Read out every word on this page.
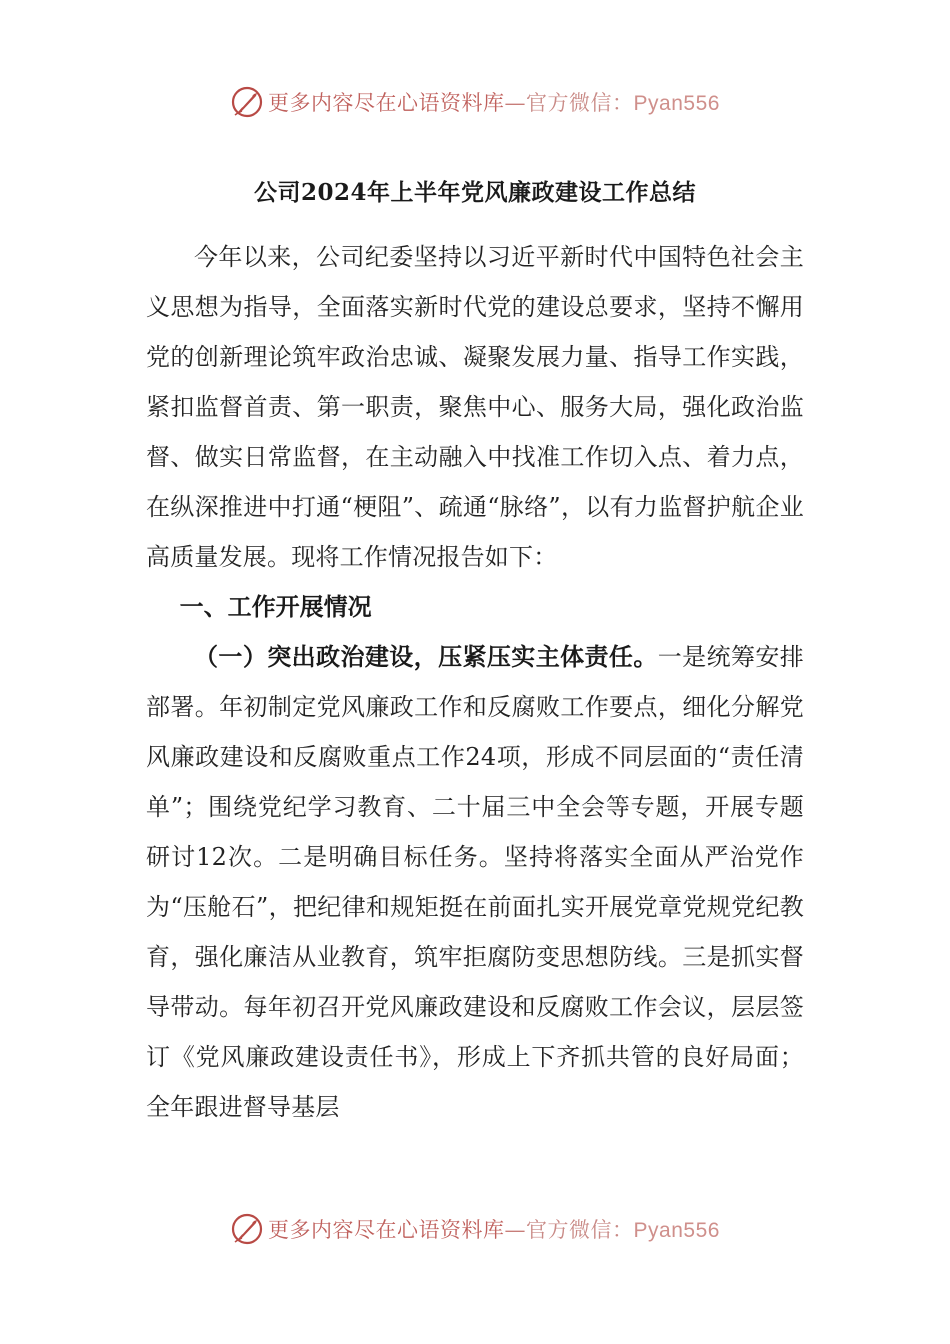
更多内容尽在心语资料库—官方微信：Pyan556
公司2024年上半年党风廉政建设工作总结

今年以来，公司纪委坚持以习近平新时代中国特色社会主义思想为指导，全面落实新时代党的建设总要求，坚持不懈用党的创新理论筑牢政治忠诚、凝聚发展力量、指导工作实践，紧扣监督首责、第一职责，聚焦中心、服务大局，强化政治监督、做实日常监督，在主动融入中找准工作切入点、着力点，在纵深推进中打通“梗阻”、疏通“脉络”，以有力监督护航企业高质量发展。现将工作情况报告如下：

一、工作开展情况

（一）突出政治建设，压紧压实主体责任。一是统筹安排部署。年初制定党风廉政工作和反腐败工作要点，细化分解党风廉政建设和反腐败重点工作24项，形成不同层面的“责任清单”；围绕党纪学习教育、二十届三中全会等专题，开展专题研讨12次。二是明确目标任务。坚持将落实全面从严治党作为“压舱石”，把纪律和规矩挺在前面扎实开展党章党规党纪教育，强化廉洁从业教育，筑牢拒腐防变思想防线。三是抓实督导带动。每年初召开党风廉政建设和反腐败工作会议，层层签订《党风廉政建设责任书》，形成上下齐抓共管的良好局面；全年跟进督导基层

更多内容尽在心语资料库—官方微信：Pyan556
